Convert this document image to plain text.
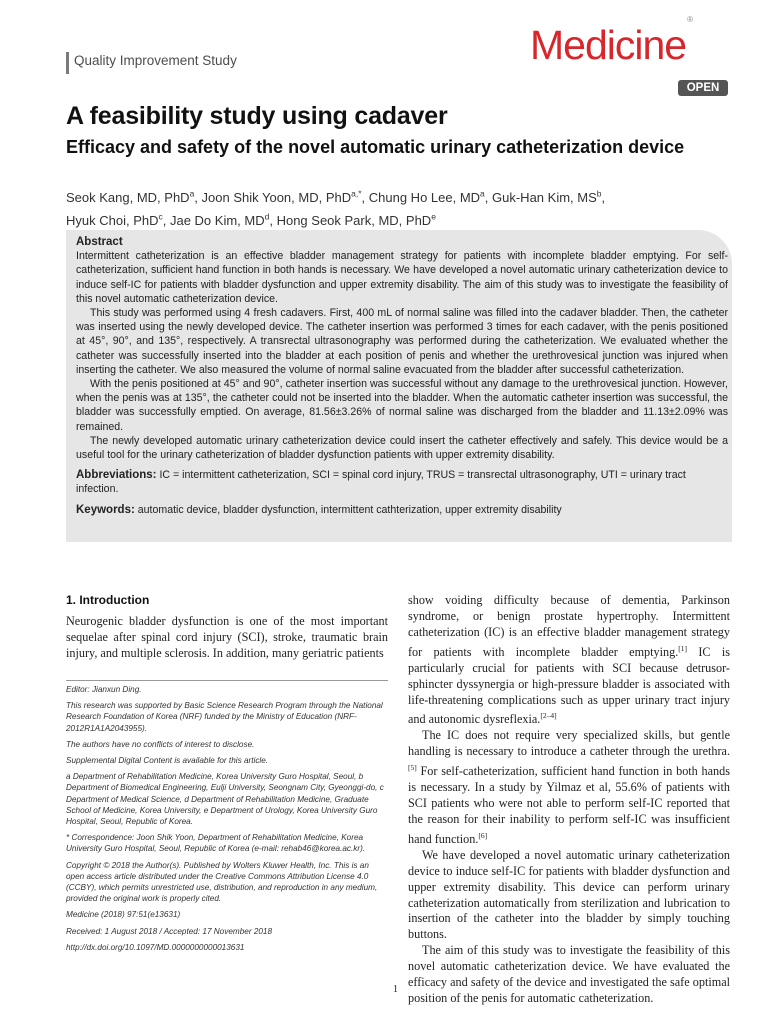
Quality Improvement Study	Medicine®
OPEN
A feasibility study using cadaver
Efficacy and safety of the novel automatic urinary catheterization device
Seok Kang, MD, PhD$^a$, Joon Shik Yoon, MD, PhD$^{a,*}$, Chung Ho Lee, $MD^a$, Guk-Han Kim, $MS^b$,
Hyuk Choi, PhD$^c$, Jae Do Kim, $MD^d$, Hong Seok Park, MD, PhD$^e$

Abstract

Intermittent catheterization is an effective bladder management strategy for patients with incomplete bladder emptying. For self-catheterization, sufficient hand function in both hands is necessary. We have developed a novel automatic urinary catheterization device to induce self-IC for patients with bladder dysfunction and upper extremity disability. The aim of this study was to investigate the feasibility of this novel automatic catheterization device.

This study was performed using 4 fresh cadavers. First, 400 mL of normal saline was filled into the cadaver bladder. Then, the catheter was inserted using the newly developed device. The catheter insertion was performed 3 times for each cadaver, with the penis positioned at 45°, 90°, and 135°, respectively. A transrectal ultrasonography was performed during the catheterization. We evaluated whether the catheter was successfully inserted into the bladder at each position of penis and whether the urethrovesical junction was injured when inserting the catheter. We also measured the volume of normal saline evacuated from the bladder after successful catheterization.

With the penis positioned at 45° and 90°, catheter insertion was successful without any damage to the urethrovesical junction. However, when the penis was at 135°, the catheter could not be inserted into the bladder. When the automatic catheter insertion was successful, the bladder was successfully emptied. On average, 81.56±3.26% of normal saline was discharged from the bladder and 11.13±2.09% was remained.

The newly developed automatic urinary catheterization device could insert the catheter effectively and safely. This device would be a useful tool for the urinary catheterization of bladder dysfunction patients with upper extremity disability.

Abbreviations: IC = intermittent catheterization, SCI = spinal cord injury, TRUS = transrectal ultrasonography, UTI = urinary tract infection.

Keywords: automatic device, bladder dysfunction, intermittent cathterization, upper extremity disability

1. Introduction

Neurogenic bladder dysfunction is one of the most important sequelae after spinal cord injury (SCI), stroke, traumatic brain injury, and multiple sclerosis. In addition, many geriatric patients

Editor: Jianxun Ding.

This research was supported by Basic Science Research Program through the National Research Foundation of Korea (NRF) funded by the Ministry of Education (NRF-2012R1A1A2043955).

The authors have no conflicts of interest to disclose.

Supplemental Digital Content is available for this article.

a Department of Rehabilitation Medicine, Korea University Guro Hospital, Seoul, b Department of Biomedical Engineering, Eulji University, Seongnam City, Gyeonggi-do, c Department of Medical Science, d Department of Rehabilitation Medicine, Graduate School of Medicine, Korea University, e Department of Urology, Korea University Guro Hospital, Seoul, Republic of Korea.

* Correspondence: Joon Shik Yoon, Department of Rehabilitation Medicine, Korea University Guro Hospital, Seoul, Republic of Korea (e-mail: rehab46@korea.ac.kr).

Copyright © 2018 the Author(s). Published by Wolters Kluwer Health, Inc. This is an open access article distributed under the Creative Commons Attribution License 4.0 (CCBY), which permits unrestricted use, distribution, and reproduction in any medium, provided the original work is properly cited.

Medicine (2018) 97:51(e13631)

Received: 1 August 2018 / Accepted: 17 November 2018

http://dx.doi.org/10.1097/MD.0000000000013631

show voiding difficulty because of dementia, Parkinson syndrome, or benign prostate hypertrophy. Intermittent catheterization (IC) is an effective bladder management strategy for patients with incomplete bladder emptying.[1] IC is particularly crucial for patients with SCI because detrusor-sphincter dyssynergia or high-pressure bladder is associated with life-threatening complications such as upper urinary tract injury and autonomic dysreflexia.[2–4]

The IC does not require very specialized skills, but gentle handling is necessary to introduce a catheter through the urethra.[5] For self-catheterization, sufficient hand function in both hands is necessary. In a study by Yilmaz et al, 55.6% of patients with SCI patients who were not able to perform self-IC reported that the reason for their inability to perform self-IC was insufficient hand function.[6]

We have developed a novel automatic urinary catheterization device to induce self-IC for patients with bladder dysfunction and upper extremity disability. This device can perform urinary catheterization automatically from sterilization and lubrication to insertion of the catheter into the bladder by simply touching buttons.

The aim of this study was to investigate the feasibility of this novel automatic catheterization device. We have evaluated the efficacy and safety of the device and investigated the safe optimal position of the penis for automatic catheterization.

1
